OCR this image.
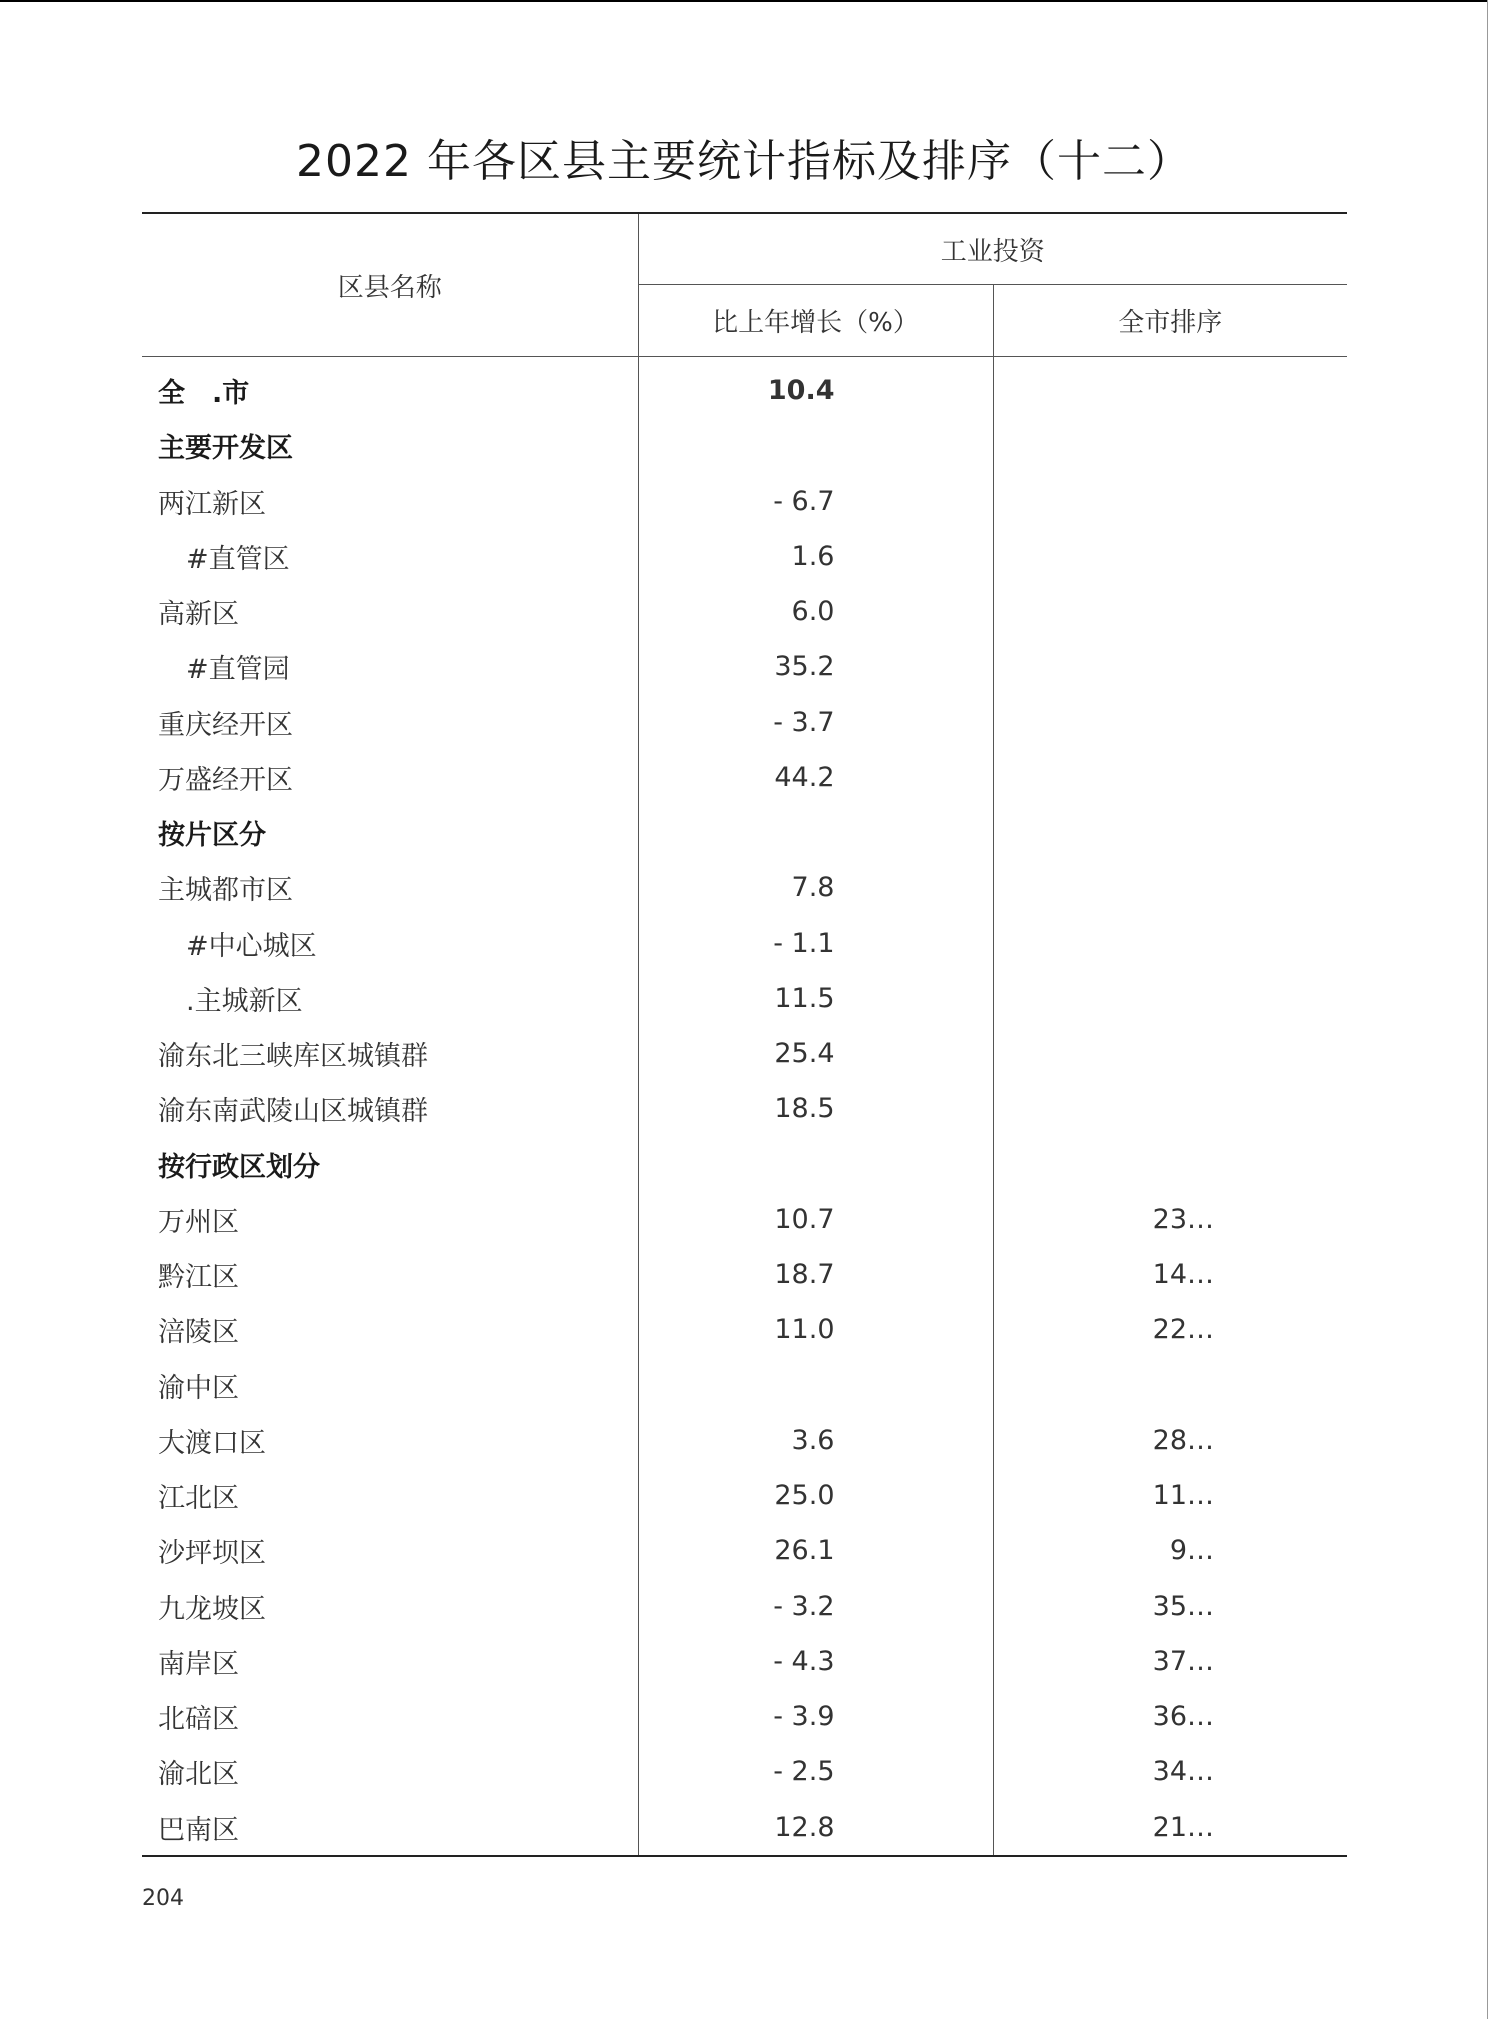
2022 年各区县主要统计指标及排序（十二）
区县名称	工业投资	
	比上年增长（%）	全市排序
全　.市	10.4	
主要开发区		
两江新区	- 6.7	
#直管区	1.6	
高新区	6.0	
#直管园	35.2	
重庆经开区	- 3.7	
万盛经开区	44.2	
按片区分		
主城都市区	7.8	
#中心城区	- 1.1	
.主城新区	11.5	
渝东北三峡库区城镇群	25.4	
渝东南武陵山区城镇群	18.5	
按行政区划分		
万州区	10.7	23…
黔江区	18.7	14…
涪陵区	11.0	22…
渝中区		
大渡口区	3.6	28…
江北区	25.0	11…
沙坪坝区	26.1	9…
九龙坡区	- 3.2	35…
南岸区	- 4.3	37…
北碚区	- 3.9	36…
渝北区	- 2.5	34…
巴南区	12.8	21…
204
